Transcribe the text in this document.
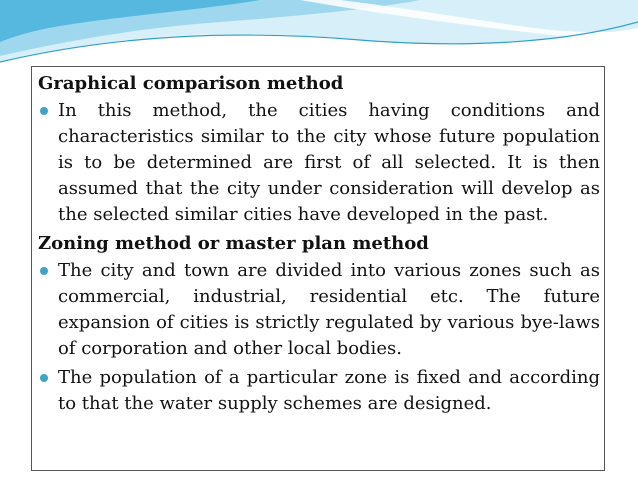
Graphical comparison method
In this method, the cities having conditions and characteristics similar to the city whose future population is to be determined are first of all selected. It is then assumed that the city under consideration will develop as the selected similar cities have developed in the past.
Zoning method or master plan method
The city and town are divided into various zones such as commercial, industrial, residential etc. The future expansion of cities is strictly regulated by various bye-laws of corporation and other local bodies.
The population of a particular zone is fixed and according to that the water supply schemes are designed.
